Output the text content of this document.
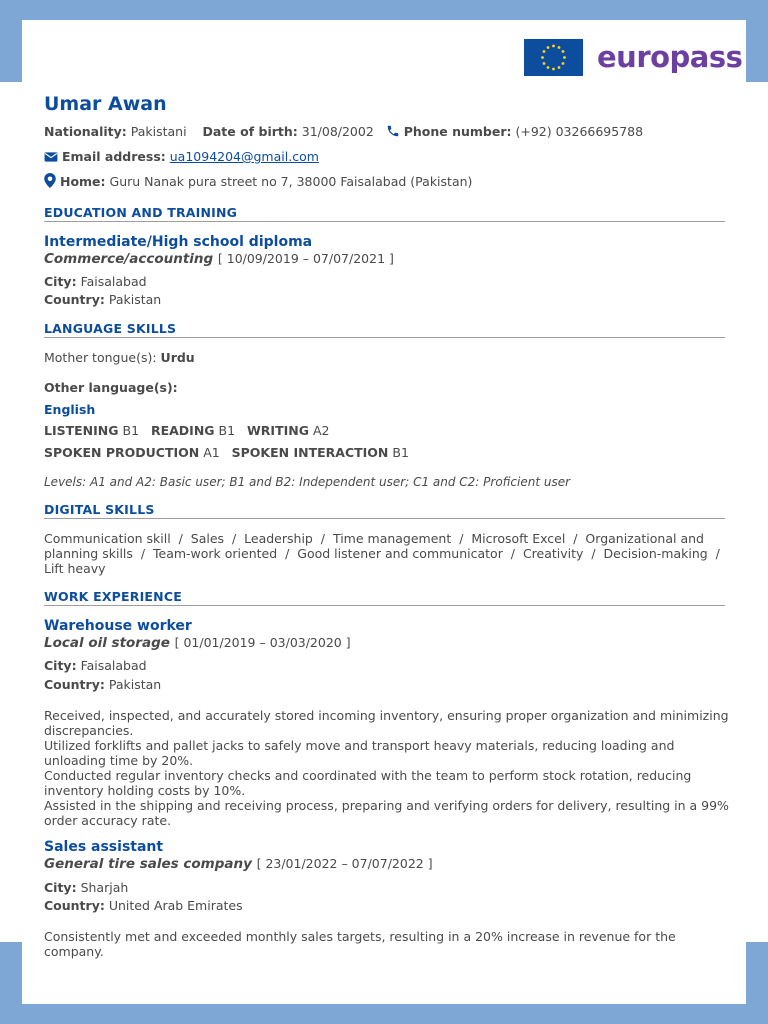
europass
Umar Awan
Nationality: Pakistani Date of birth: 31/08/2002 Phone number: (+92) 03266695788
Email address: ua1094204@gmail.com
Home: Guru Nanak pura street no 7, 38000 Faisalabad (Pakistan)
EDUCATION AND TRAINING
Intermediate/High school diploma
Commerce/accounting [ 10/09/2019 – 07/07/2021 ]
City: Faisalabad
Country: Pakistan
LANGUAGE SKILLS
Mother tongue(s): Urdu
Other language(s):
English
LISTENING B1 READING B1 WRITING A2
SPOKEN PRODUCTION A1 SPOKEN INTERACTION B1
Levels: A1 and A2: Basic user; B1 and B2: Independent user; C1 and C2: Proficient user
DIGITAL SKILLS
Communication skill  /  Sales  /  Leadership  /  Time management  /  Microsoft Excel  /  Organizational and planning skills  /  Team-work oriented  /  Good listener and communicator  /  Creativity  /  Decision-making  /  Lift heavy
WORK EXPERIENCE
Warehouse worker
Local oil storage [ 01/01/2019 – 03/03/2020 ]
City: Faisalabad
Country: Pakistan
Received, inspected, and accurately stored incoming inventory, ensuring proper organization and minimizing discrepancies.
Utilized forklifts and pallet jacks to safely move and transport heavy materials, reducing loading and unloading time by 20%.
Conducted regular inventory checks and coordinated with the team to perform stock rotation, reducing inventory holding costs by 10%.
Assisted in the shipping and receiving process, preparing and verifying orders for delivery, resulting in a 99% order accuracy rate.
Sales assistant
General tire sales company [ 23/01/2022 – 07/07/2022 ]
City: Sharjah
Country: United Arab Emirates
Consistently met and exceeded monthly sales targets, resulting in a 20% increase in revenue for the company.
